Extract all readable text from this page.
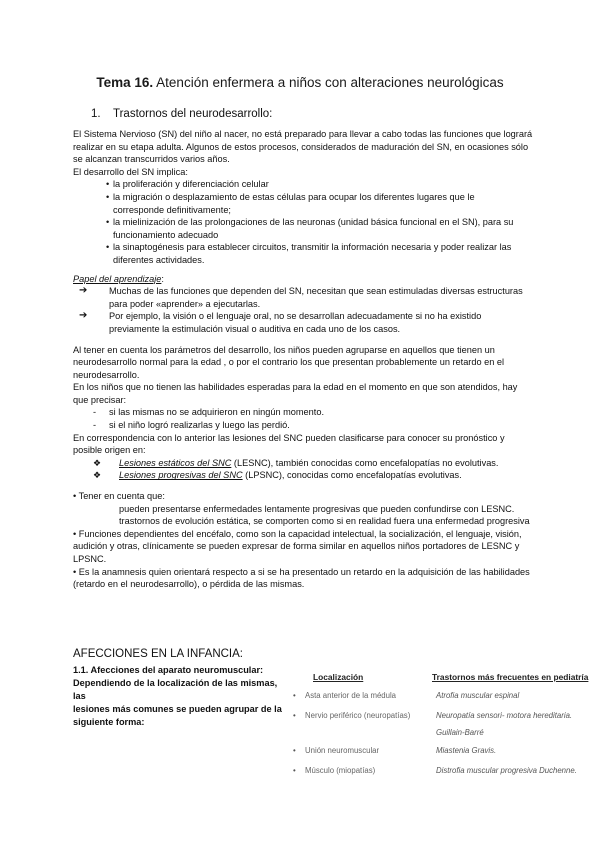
Tema 16. Atención enfermera a niños con alteraciones neurológicas
1. Trastornos del neurodesarrollo:

El Sistema Nervioso (SN) del niño al nacer, no está preparado para llevar a cabo todas las funciones que logrará

realizar en su etapa adulta. Algunos de estos procesos, considerados de maduración del SN, en ocasiones sólo

se alcanzan transcurridos varios años.

El desarrollo del SN implica:

• la proliferación y diferenciación celular

• la migración o desplazamiento de estas células para ocupar los diferentes lugares que le

corresponde definitivamente;

• la mielinización de las prolongaciones de las neuronas (unidad básica funcional en el SN), para su

funcionamiento adecuado

• la sinaptogénesis para establecer circuitos, transmitir la información necesaria y poder realizar las

diferentes actividades.

Papel del aprendizaje:

➔ Muchas de las funciones que dependen del SN, necesitan que sean estimuladas diversas estructuras

para poder «aprender» a ejecutarlas.

➔ Por ejemplo, la visión o el lenguaje oral, no se desarrollan adecuadamente si no ha existido

previamente la estimulación visual o auditiva en cada uno de los casos.

Al tener en cuenta los parámetros del desarrollo, los niños pueden agruparse en aquellos que tienen un

neurodesarrollo normal para la edad , o por el contrario los que presentan probablemente un retardo en el

neurodesarrollo.

En los niños que no tienen las habilidades esperadas para la edad en el momento en que son atendidos, hay

que precisar:

- si las mismas no se adquirieron en ningún momento.
- si el niño logró realizarlas y luego las perdió.

En correspondencia con lo anterior las lesiones del SNC pueden clasificarse para conocer su pronóstico y

posible origen en:

❖ Lesiones estáticos del SNC (LESNC), también conocidas como encefalopatías no evolutivas.
❖ Lesiones progresivas del SNC (LPSNC), conocidas como encefalopatías evolutivas.

• Tener en cuenta que:

pueden presentarse enfermedades lentamente progresivas que pueden confundirse con LESNC.

trastornos de evolución estática, se comporten como si en realidad fuera una enfermedad progresiva

• Funciones dependientes del encéfalo, como son la capacidad intelectual, la socialización, el lenguaje, visión,

audición y otras, clínicamente se pueden expresar de forma similar en aquellos niños portadores de LESNC y

LPSNC.

• Es la anamnesis quien orientará respecto a si se ha presentado un retardo en la adquisición de las habilidades

(retardo en el neurodesarrollo), o pérdida de las mismas.

AFECCIONES EN LA INFANCIA:
1.1. Afecciones del aparato neuromuscular:
Dependiendo de la localización de las mismas, las
lesiones más comunes se pueden agrupar de la
siguiente forma:
Localización	Trastornos más frecuentes en pediatría
• Asta anterior de la médula	Atrofia muscular espinal
• Nervio periférico (neuropatías)	Neuropatía sensori- motora hereditaria.
Guillain-Barré
• Unión neuromuscular	Miastenia Gravis.
• Músculo (miopatías)	Distrofia muscular progresiva Duchenne.
